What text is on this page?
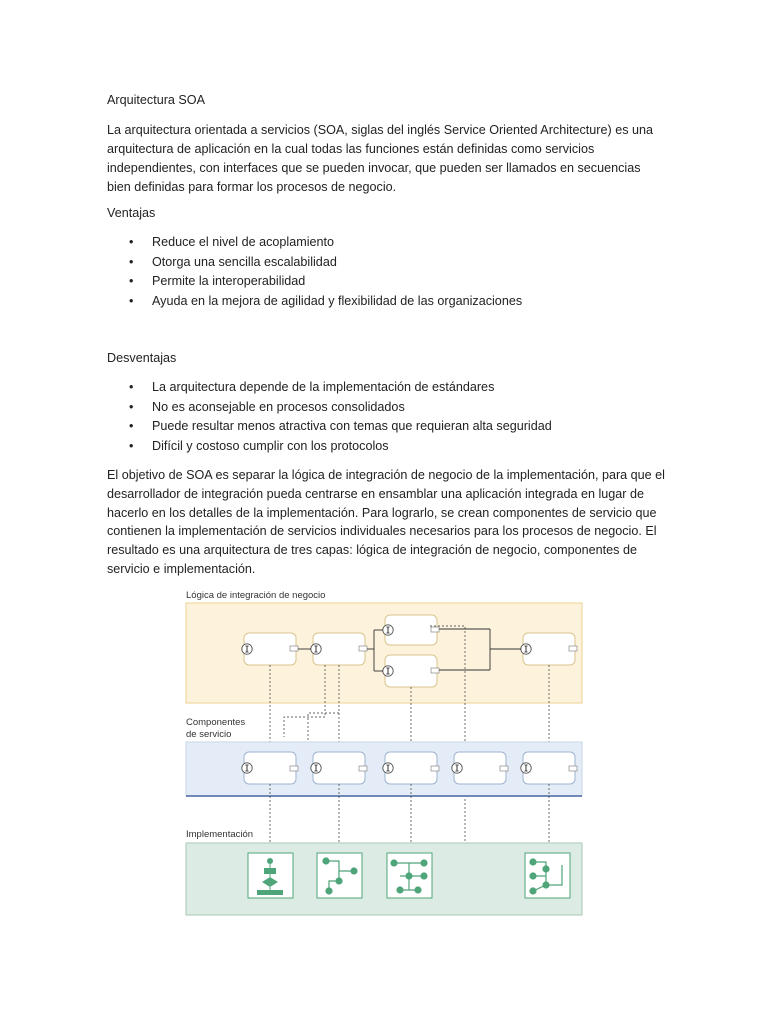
Arquitectura SOA
La arquitectura orientada a servicios (SOA, siglas del inglés Service Oriented Architecture) es una arquitectura de aplicación en la cual todas las funciones están definidas como servicios independientes, con interfaces que se pueden invocar, que pueden ser llamados en secuencias bien definidas para formar los procesos de negocio.
Ventajas
• Reduce el nivel de acoplamiento
• Otorga una sencilla escalabilidad
• Permite la interoperabilidad
• Ayuda en la mejora de agilidad y flexibilidad de las organizaciones
Desventajas
• La arquitectura depende de la implementación de estándares
• No es aconsejable en procesos consolidados
• Puede resultar menos atractiva con temas que requieran alta seguridad
• Difícil y costoso cumplir con los protocolos
El objetivo de SOA es separar la lógica de integración de negocio de la implementación, para que el desarrollador de integración pueda centrarse en ensamblar una aplicación integrada en lugar de hacerlo en los detalles de la implementación. Para lograrlo, se crean componentes de servicio que contienen la implementación de servicios individuales necesarios para los procesos de negocio. El resultado es una arquitectura de tres capas: lógica de integración de negocio, componentes de servicio e implementación.
Lógica de integración de negocio
Componentes
de servicio
Implementación
